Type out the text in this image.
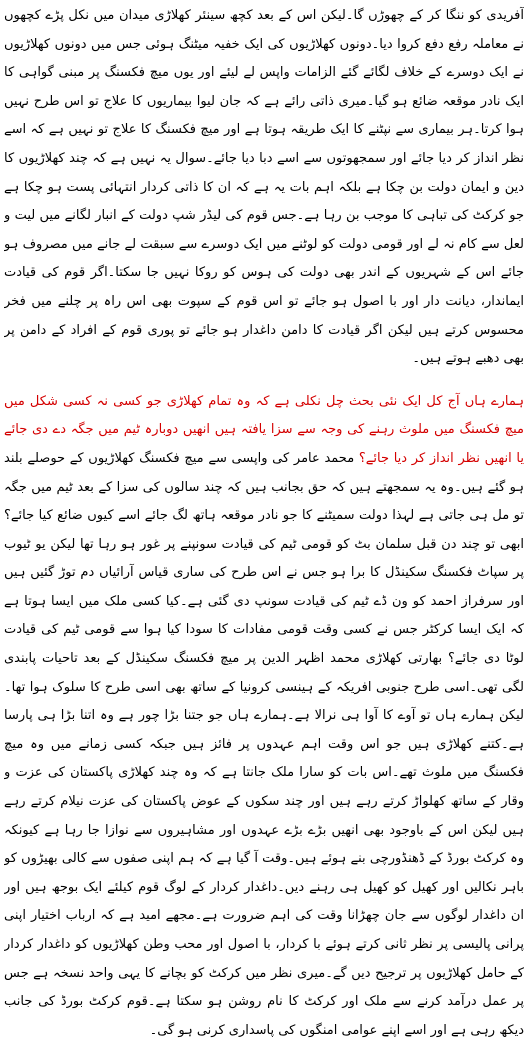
آفریدی کو ننگا کر کے چھوڑں گا۔لیکن اس کے بعد کچھ سینئر کھلاڑی میدان میں نکل پڑے کچھوں نے معاملہ رفع دفع کروا دیا۔دونوں کھلاڑیوں کی ایک خفیہ میٹنگ ہوئی جس میں دونوں کھلاڑیوں نے ایک دوسرے کے خلاف لگائے گئے الزامات واپس لے لیئے اور یوں میچ فکسنگ پر مبنی گواہی کا ایک نادر موقعہ ضائع ہو گیا۔میری ذاتی رائے ہے کہ جان لیوا بیماریوں کا علاج تو اس طرح نہیں ہوا کرتا۔ہر بیماری سے نپٹنے کا ایک طریقہ ہوتا ہے اور میچ فکسنگ کا علاج تو نہیں ہے کہ اسے نظر انداز کر دیا جائے اور سمجھوتوں سے اسے دبا دیا جائے۔سوال یہ نہیں ہے کہ چند کھلاڑیوں کا دین و ایمان دولت بن چکا ہے بلکہ اہم بات یہ ہے کہ ان کا ذاتی کردار انتہائی پست ہو چکا ہے جو کرکٹ کی تباہی کا موجب بن رہا ہے۔جس قوم کی لیڈر شپ دولت کے انبار لگانے میں لیت و لعل سے کام نہ لے اور قومی دولت کو لوٹنے میں ایک دوسرے سے سبقت لے جانے میں مصروف ہو جائے اس کے شہریوں کے اندر بھی دولت کی ہوس کو روکا نہیں جا سکتا۔اگر قوم کی قیادت ایماندار، دیانت دار اور با اصول ہو جائے تو اس قوم کے سپوت بھی اس راہ پر چلنے میں فخر محسوس کرتے ہیں لیکن اگر قیادت کا دامن داغدار ہو جائے تو پوری قوم کے افراد کے دامن پر بھی دھبے ہوتے ہیں۔

ہمارے ہاں آج کل ایک نئی بحث چل نکلی ہے کہ وہ تمام کھلاڑی جو کسی نہ کسی شکل میں میچ فکسنگ میں ملوث رہنے کی وجہ سے سزا یافتہ ہیں انھیں دوبارہ ٹیم میں جگہ دے دی جائے یا انھیں نظر انداز کر دیا جائے؟ محمد عامر کی واپسی سے میچ فکسنگ کھلاڑیوں کے حوصلے بلند ہو گئے ہیں۔وہ یہ سمجھتے ہیں کہ حق بجانب ہیں کہ چند سالوں کی سزا کے بعد ٹیم میں جگہ تو مل ہی جاتی ہے لہذا دولت سمیٹنے کا جو نادر موقعہ ہاتھ لگ جائے اسے کیوں ضائع کیا جائے؟ ابھی تو چند دن قبل سلمان بٹ کو قومی ٹیم کی قیادت سونپنے پر غور ہو رہا تھا لیکن یو ٹیوب پر سپاٹ فکسنگ سکینڈل کا برا ہو جس نے اس طرح کی ساری قیاس آرائیاں دم توڑ گئیں ہیں اور سرفراز احمد کو ون ڈے ٹیم کی قیادت سونپ دی گئی ہے۔کیا کسی ملک میں ایسا ہوتا ہے کہ ایک ایسا کرکٹر جس نے کسی وقت قومی مفادات کا سودا کیا ہوا سے قومی ٹیم کی قیادت لوٹا دی جائے؟ بھارتی کھلاڑی محمد اظہر الدین پر میچ فکسنگ سکینڈل کے بعد تاحیات پابندی لگی تھی۔اسی طرح جنوبی افریکہ کے ہینسی کرونیا کے ساتھ بھی اسی طرح کا سلوک ہوا تھا۔لیکن ہمارے ہاں تو آوے کا آوا ہی نرالا ہے۔ہمارے ہاں جو جتنا بڑا چور ہے وہ اتنا بڑا ہی پارسا ہے۔کتنے کھلاڑی ہیں جو اس وقت اہم عہدوں پر فائز ہیں جبکہ کسی زمانے میں وہ میچ فکسنگ میں ملوث تھے۔اس بات کو سارا ملک جانتا ہے کہ وہ چند کھلاڑی پاکستان کی عزت و وقار کے ساتھ کھلواڑ کرتے رہے ہیں اور چند سکوں کے عوض پاکستان کی عزت نیلام کرتے رہے ہیں لیکن اس کے باوجود بھی انھیں بڑے بڑے عہدوں اور مشاہیروں سے نوازا جا رہا ہے کیونکہ وہ کرکٹ بورڈ کے ڈھنڈورچی بنے ہوئے ہیں۔وقت آ گیا ہے کہ ہم اپنی صفوں سے کالی بھیڑوں کو باہر نکالیں اور کھیل کو کھیل ہی رہنے دیں۔داغدار کردار کے لوگ قوم کیلئے ایک بوجھ ہیں اور ان داغدار لوگوں سے جان چھڑانا وقت کی اہم ضرورت ہے۔مجھے امید ہے کہ ارباب اختیار اپنی پرانی پالیسی پر نظر ثانی کرتے ہوئے با کردار، با اصول اور محب وطن کھلاڑیوں کو داغدار کردار کے حامل کھلاڑیوں پر ترجیح دیں گے۔میری نظر میں کرکٹ کو بچانے کا یہی واحد نسخہ ہے جس پر عمل درآمد کرنے سے ملک اور کرکٹ کا نام روشن ہو سکتا ہے۔قوم کرکٹ بورڈ کی جانب دیکھ رہی ہے اور اسے اپنے عوامی امنگوں کی پاسداری کرنی ہو گی۔
